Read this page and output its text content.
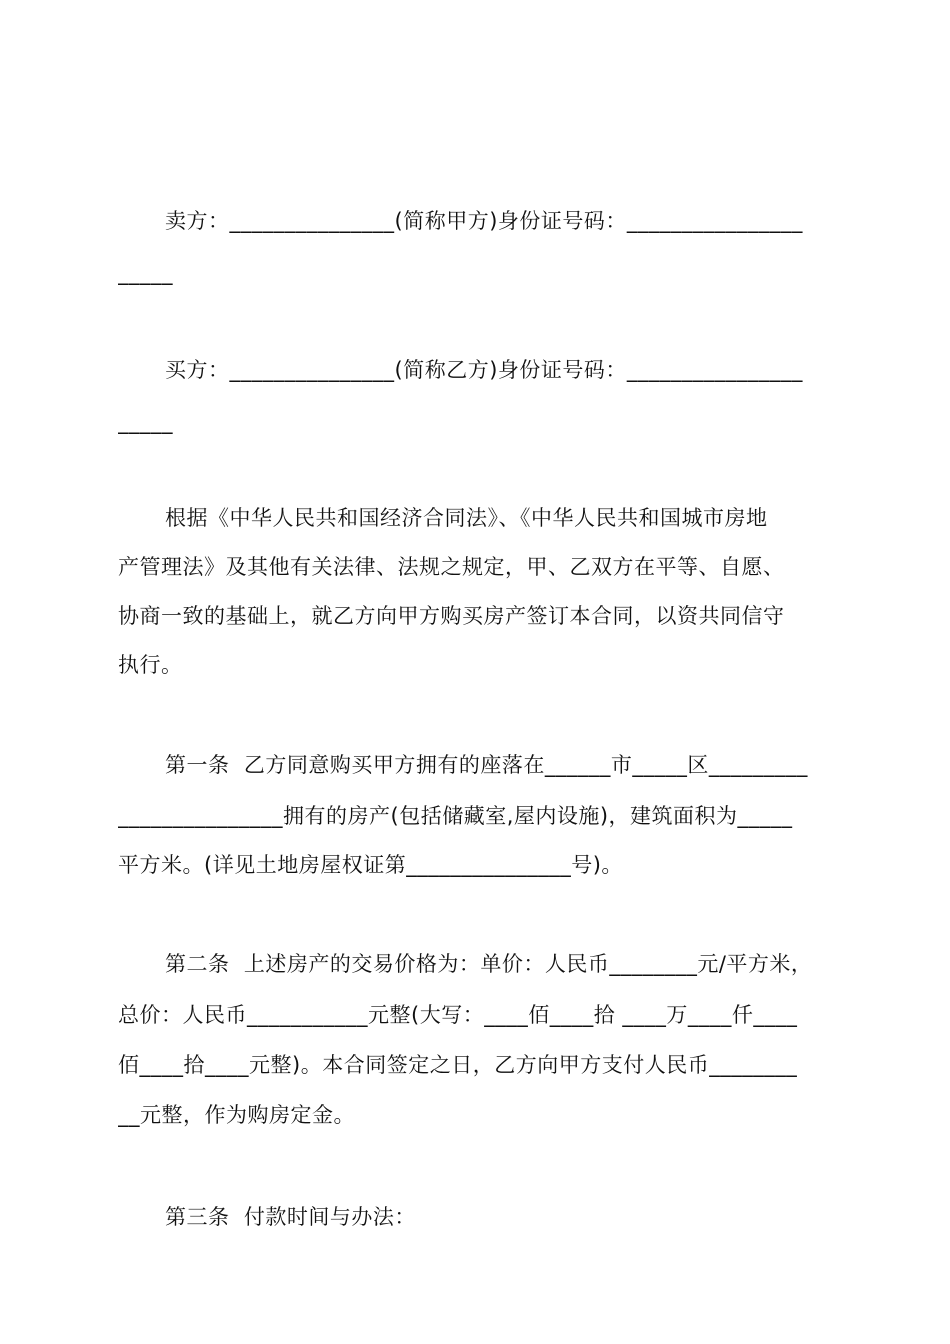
卖方：_______________(简称甲方)身份证号码：________________
_____
买方：_______________(简称乙方)身份证号码：________________
_____
根据《中华人民共和国经济合同法》、《中华人民共和国城市房地
产管理法》及其他有关法律、法规之规定，甲、乙双方在平等、自愿、
协商一致的基础上，就乙方向甲方购买房产签订本合同，以资共同信守
执行。
第一条  乙方同意购买甲方拥有的座落在______市_____区_________
_______________拥有的房产(包括储藏室,屋内设施)，建筑面积为_____
平方米。(详见土地房屋权证第_______________号)。
第二条  上述房产的交易价格为：单价：人民币________元/平方米，
总价：人民币___________元整(大写：____佰____拾 ____万____仟____
佰____拾____元整)。本合同签定之日，乙方向甲方支付人民币________
__元整，作为购房定金。
第三条  付款时间与办法：
